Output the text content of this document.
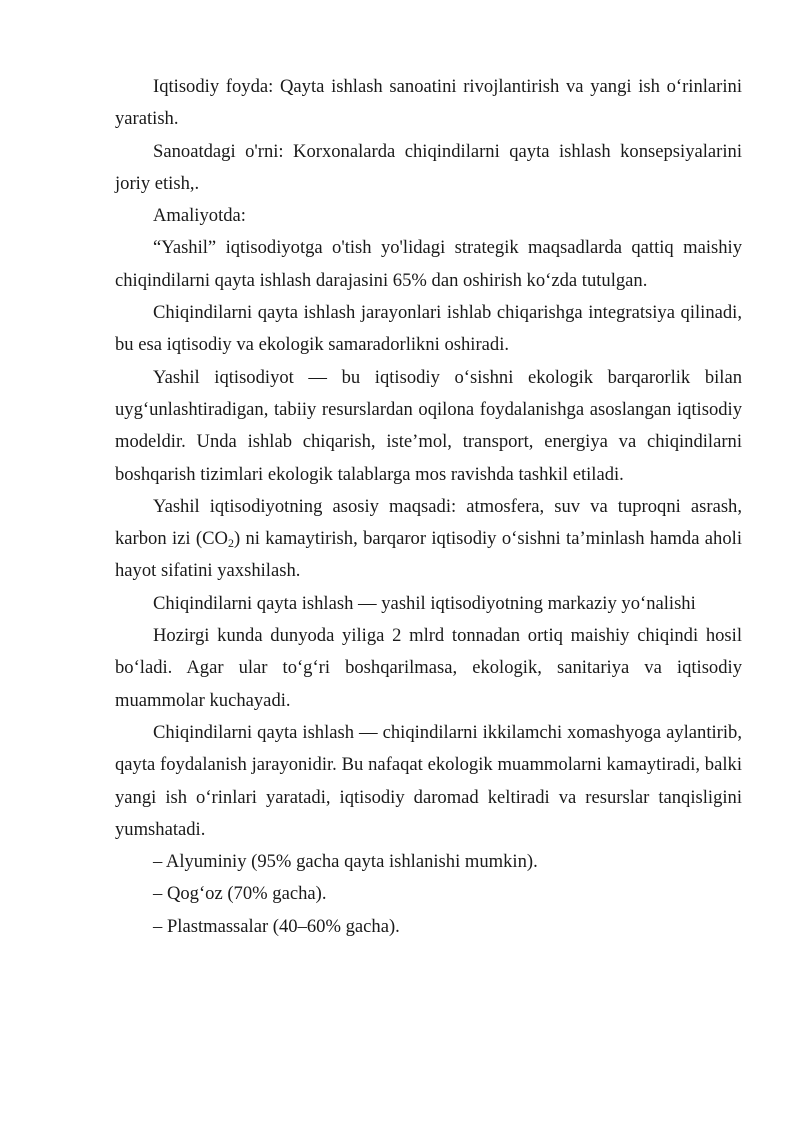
Iqtisodiy foyda: Qayta ishlash sanoatini rivojlantirish va yangi ish o‘rinlarini yaratish.

Sanoatdagi o'rni: Korxonalarda chiqindilarni qayta ishlash konsepsiyalarini joriy etish,.

Amaliyotda:

“Yashil” iqtisodiyotga o'tish yo'lidagi strategik maqsadlarda qattiq maishiy chiqindilarni qayta ishlash darajasini 65% dan oshirish ko‘zda tutulgan.

Chiqindilarni qayta ishlash jarayonlari ishlab chiqarishga integratsiya qilinadi, bu esa iqtisodiy va ekologik samaradorlikni oshiradi.

Yashil iqtisodiyot — bu iqtisodiy o‘sishni ekologik barqarorlik bilan uyg‘unlashtiradigan, tabiiy resurslardan oqilona foydalanishga asoslangan iqtisodiy modeldir. Unda ishlab chiqarish, iste’mol, transport, energiya va chiqindilarni boshqarish tizimlari ekologik talablarga mos ravishda tashkil etiladi.

Yashil iqtisodiyotning asosiy maqsadi: atmosfera, suv va tuproqni asrash, karbon izi $(CO_2)$ ni kamaytirish, barqaror iqtisodiy o‘sishni ta’minlash hamda aholi hayot sifatini yaxshilash.

Chiqindilarni qayta ishlash — yashil iqtisodiyotning markaziy yo‘nalishi

Hozirgi kunda dunyoda yiliga 2 mlrd tonnadan ortiq maishiy chiqindi hosil bo‘ladi. Agar ular to‘g‘ri boshqarilmasa, ekologik, sanitariya va iqtisodiy muammolar kuchayadi.

Chiqindilarni qayta ishlash — chiqindilarni ikkilamchi xomashyoga aylantirib, qayta foydalanish jarayonidir. Bu nafaqat ekologik muammolarni kamaytiradi, balki yangi ish o‘rinlari yaratadi, iqtisodiy daromad keltiradi va resurslar tanqisligini yumshatadi.

– Alyuminiy (95% gacha qayta ishlanishi mumkin).

– Qog‘oz (70% gacha).

– Plastmassalar (40–60% gacha).
